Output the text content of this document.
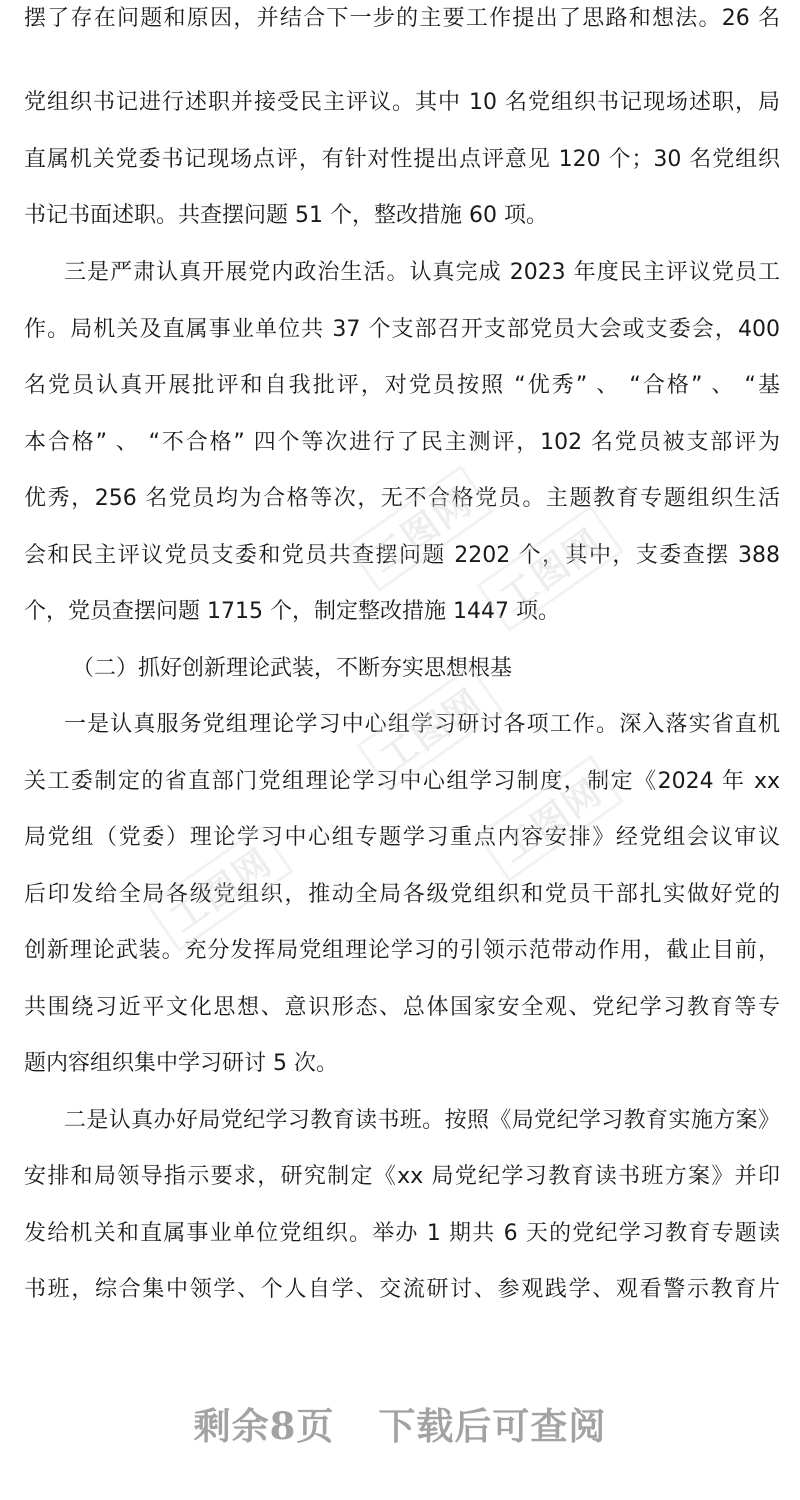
摆了存在问题和原因，并结合下一步的主要工作提出了思路和想法。26 名
党组织书记进行述职并接受民主评议。其中 10 名党组织书记现场述职，局
直属机关党委书记现场点评，有针对性提出点评意见 120 个；30 名党组织
书记书面述职。共查摆问题 51 个，整改措施 60 项。
三是严肃认真开展党内政治生活。认真完成 2023 年度民主评议党员工
作。局机关及直属事业单位共 37 个支部召开支部党员大会或支委会，400
名党员认真开展批评和自我批评，对党员按照 “优秀” 、 “合格” 、 “基
本合格” 、 “不合格” 四个等次进行了民主测评，102 名党员被支部评为
优秀，256 名党员均为合格等次，无不合格党员。主题教育专题组织生活
会和民主评议党员支委和党员共查摆问题 2202 个，其中，支委查摆 388
个，党员查摆问题 1715 个，制定整改措施 1447 项。
（二）抓好创新理论武装，不断夯实思想根基
一是认真服务党组理论学习中心组学习研讨各项工作。深入落实省直机
关工委制定的省直部门党组理论学习中心组学习制度，制定《2024 年 xx
局党组（党委）理论学习中心组专题学习重点内容安排》经党组会议审议
后印发给全局各级党组织，推动全局各级党组织和党员干部扎实做好党的
创新理论武装。充分发挥局党组理论学习的引领示范带动作用，截止目前，
共围绕习近平文化思想、意识形态、总体国家安全观、党纪学习教育等专
题内容组织集中学习研讨 5 次。
二是认真办好局党纪学习教育读书班。按照《局党纪学习教育实施方案》
安排和局领导指示要求，研究制定《xx 局党纪学习教育读书班方案》并印
发给机关和直属事业单位党组织。举办 1 期共 6 天的党纪学习教育专题读
书班，综合集中领学、个人自学、交流研讨、参观践学、观看警示教育片
工图网 工图网
工图网
工图网
工图网
剩余8页 下载后可查阅
